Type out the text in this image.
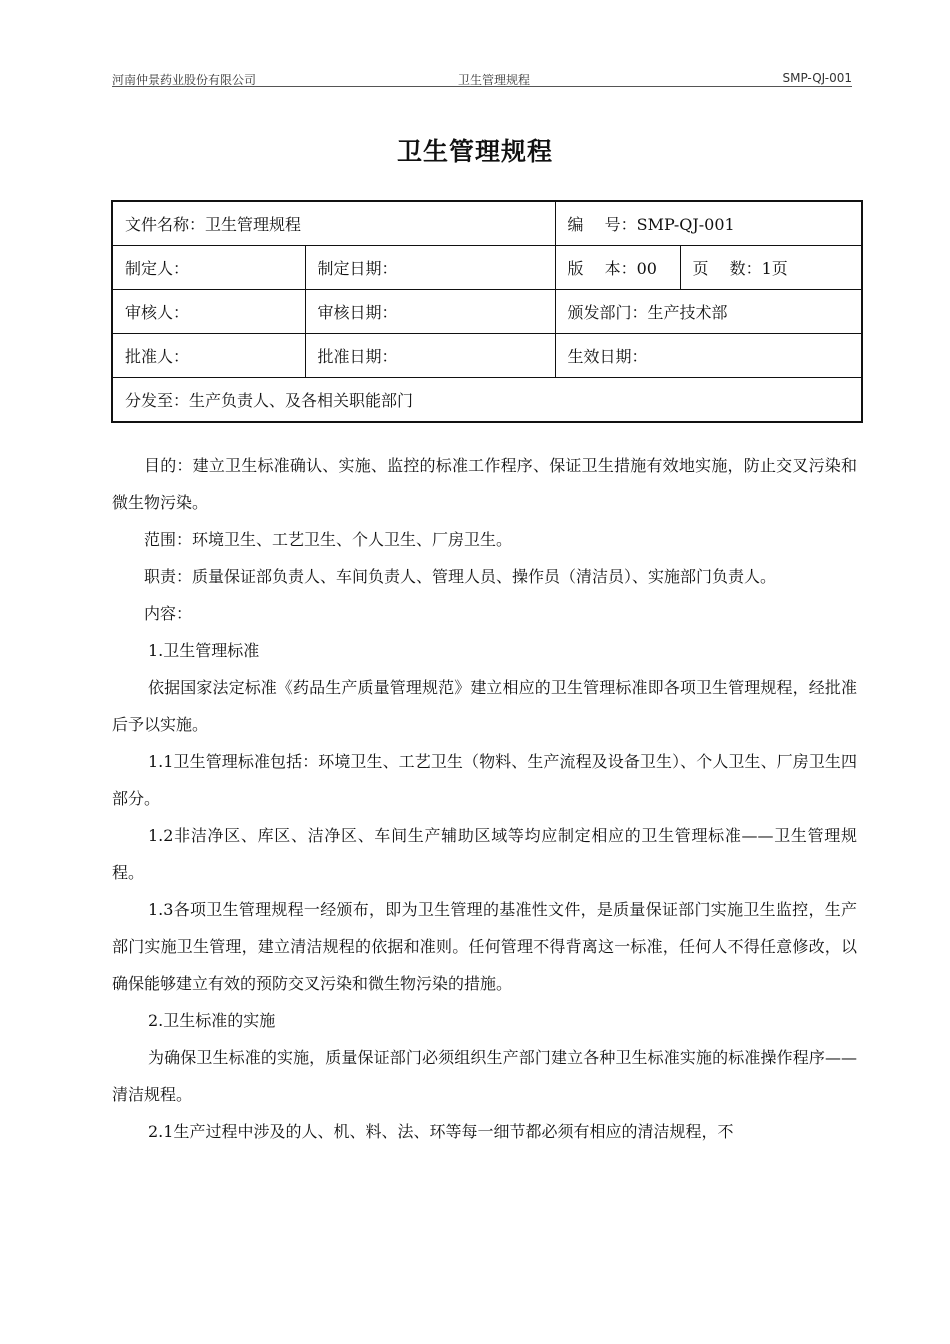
河南仲景药业股份有限公司	卫生管理规程	SMP-QJ-001
卫生管理规程
文件名称：卫生管理规程		编　 号：SMP-QJ-001	
制定人：	制定日期：	版　 本：00	页　 数：1页
审核人：	审核日期：	颁发部门：生产技术部	
批准人：	批准日期：	生效日期：	
分发至：生产负责人、及各相关职能部门			

目的：建立卫生标准确认、实施、监控的标准工作程序、保证卫生措施有效地实施，防止交叉污染和微生物污染。

范围：环境卫生、工艺卫生、个人卫生、厂房卫生。

职责：质量保证部负责人、车间负责人、管理人员、操作员（清洁员）、实施部门负责人。

内容：

1.卫生管理标准

依据国家法定标准《药品生产质量管理规范》建立相应的卫生管理标准即各项卫生管理规程，经批准后予以实施。

1.1卫生管理标准包括：环境卫生、工艺卫生（物料、生产流程及设备卫生）、个人卫生、厂房卫生四部分。

1.2非洁净区、库区、洁净区、车间生产辅助区域等均应制定相应的卫生管理标准——卫生管理规程。

1.3各项卫生管理规程一经颁布，即为卫生管理的基准性文件，是质量保证部门实施卫生监控，生产部门实施卫生管理，建立清洁规程的依据和准则。任何管理不得背离这一标准，任何人不得任意修改，以确保能够建立有效的预防交叉污染和微生物污染的措施。

2.卫生标准的实施

为确保卫生标准的实施，质量保证部门必须组织生产部门建立各种卫生标准实施的标准操作程序——清洁规程。

2.1生产过程中涉及的人、机、料、法、环等每一细节都必须有相应的清洁规程，不
